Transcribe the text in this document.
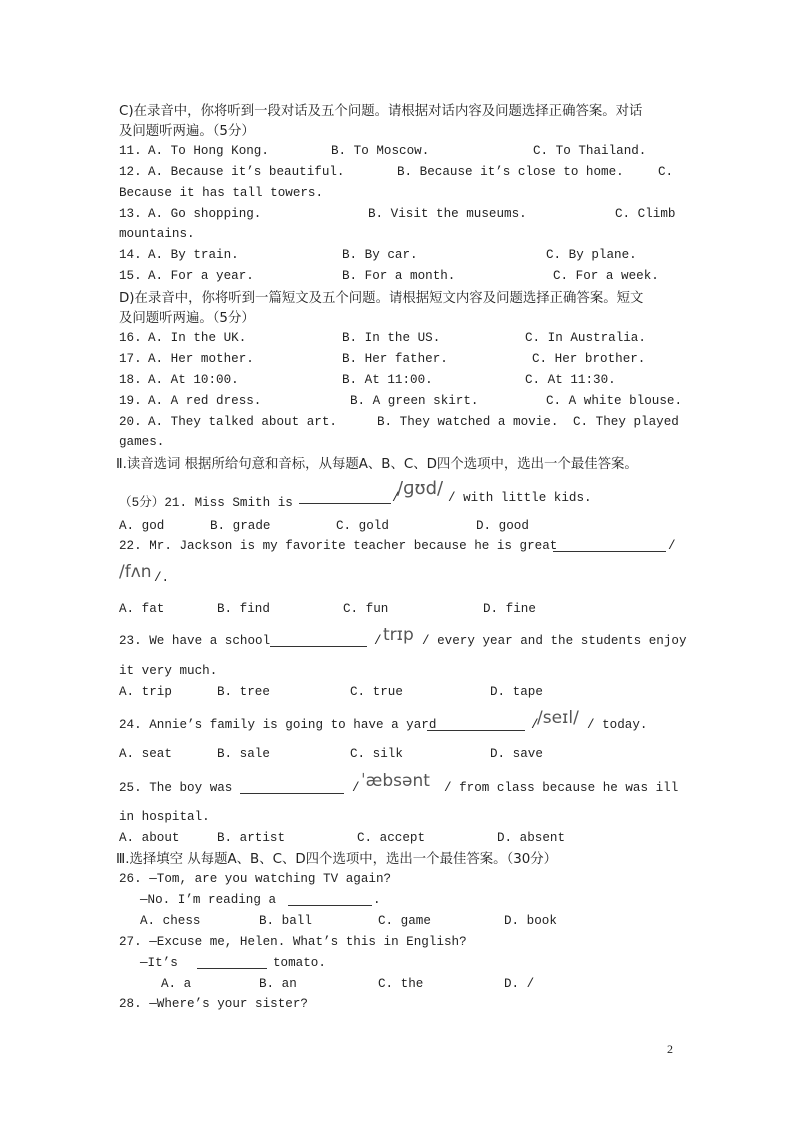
C)在录音中，你将听到一段对话及五个问题。请根据对话内容及问题选择正确答案。对话
及问题听两遍。（5分）
11. A. To Hong Kong.	B. To Moscow.	C. To Thailand.
12. A. Because it’s beautiful.	B. Because it’s close to home.	C.
Because it has tall towers.
13. A. Go shopping.	B. Visit the museums.	C. Climb
mountains.
14. A. By train.	B. By car.	C. By plane.
15. A. For a year.	B. For a month.	C. For a week.
D)在录音中，你将听到一篇短文及五个问题。请根据短文内容及问题选择正确答案。短文
及问题听两遍。（5分）
16. A. In the UK.	B. In the US.	C. In Australia.
17. A. Her mother.	B. Her father.	C. Her brother.
18. A. At 10:00.	B. At 11:00.	C. At 11:30.
19. A. A red dress.	B. A green skirt.	C. A white blouse.
20. A. They talked about art.	B. They watched a movie. C. They played
games.
Ⅱ.读音选词 根据所给句意和音标，从每题A、B、C、D四个选项中，选出一个最佳答案。
（5分）21. Miss Smith is	/
/ɡʊd/ / with little kids.
A. god	B. grade	C. gold	D. good
22. Mr. Jackson is my favorite teacher because he is great	/
/fʌn /.
A. fat	B. find	C. fun	D. fine
23. We have a school	/ trɪp / every year and the students enjoy
it very much.
A. trip	B. tree	C. true	D. tape
24. Annie’s family is going to have a yard	/
/seɪl/ / today.
A. seat	B. sale	C. silk	D. save
25. The boy was	/ ˈæbsənt / from class because he was ill
in hospital.
A. about	B. artist	C. accept	D. absent
Ⅲ.选择填空 从每题A、B、C、D四个选项中，选出一个最佳答案。（30分）
26. —Tom, are you watching TV again?
—No. I’m reading a	.
A. chess	B. ball	C. game	D. book
27. —Excuse me, Helen. What’s this in English?
—It’s	tomato.
A. a	B. an	C. the	D. /
28. —Where’s your sister?
2
